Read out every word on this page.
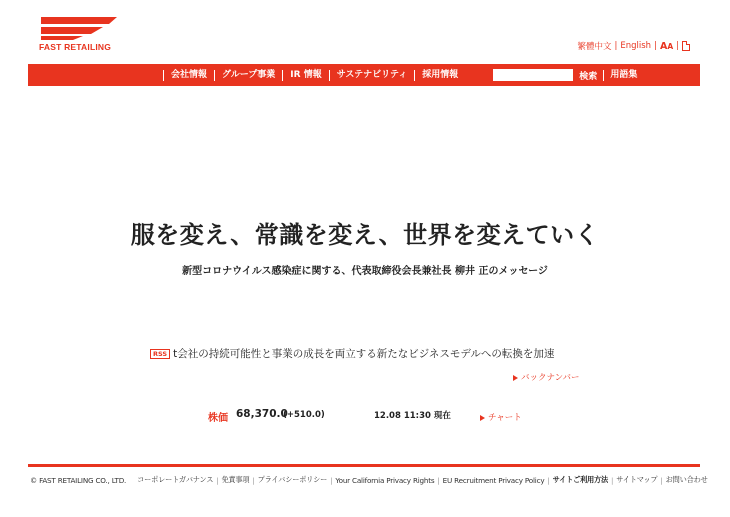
FAST RETAILING	繁體中文 | English | AA |
会社情報	グループ事業	IR 情報	サステナビリティ	採用情報	検索	用語集
服を変え、常識を変え、世界を変えていく
新型コロナウイルス感染症に関する、代表取締役会長兼社長 柳井 正のメッセージ
RSS t会社の持続可能性と事業の成長を両立する新たなビジネスモデルへの転換を加速
バックナンバー
株価 68,370.0
(+510.0)	12.08 11:30 現在	チャート
© FAST RETAILING CO., LTD.	コーポレートガバナンス | 免責事項 | プライバシーポリシー | Your California Privacy Rights | EU Recruitment Privacy Policy | サイトご利用方法 | サイトマップ | お問い合わせ
